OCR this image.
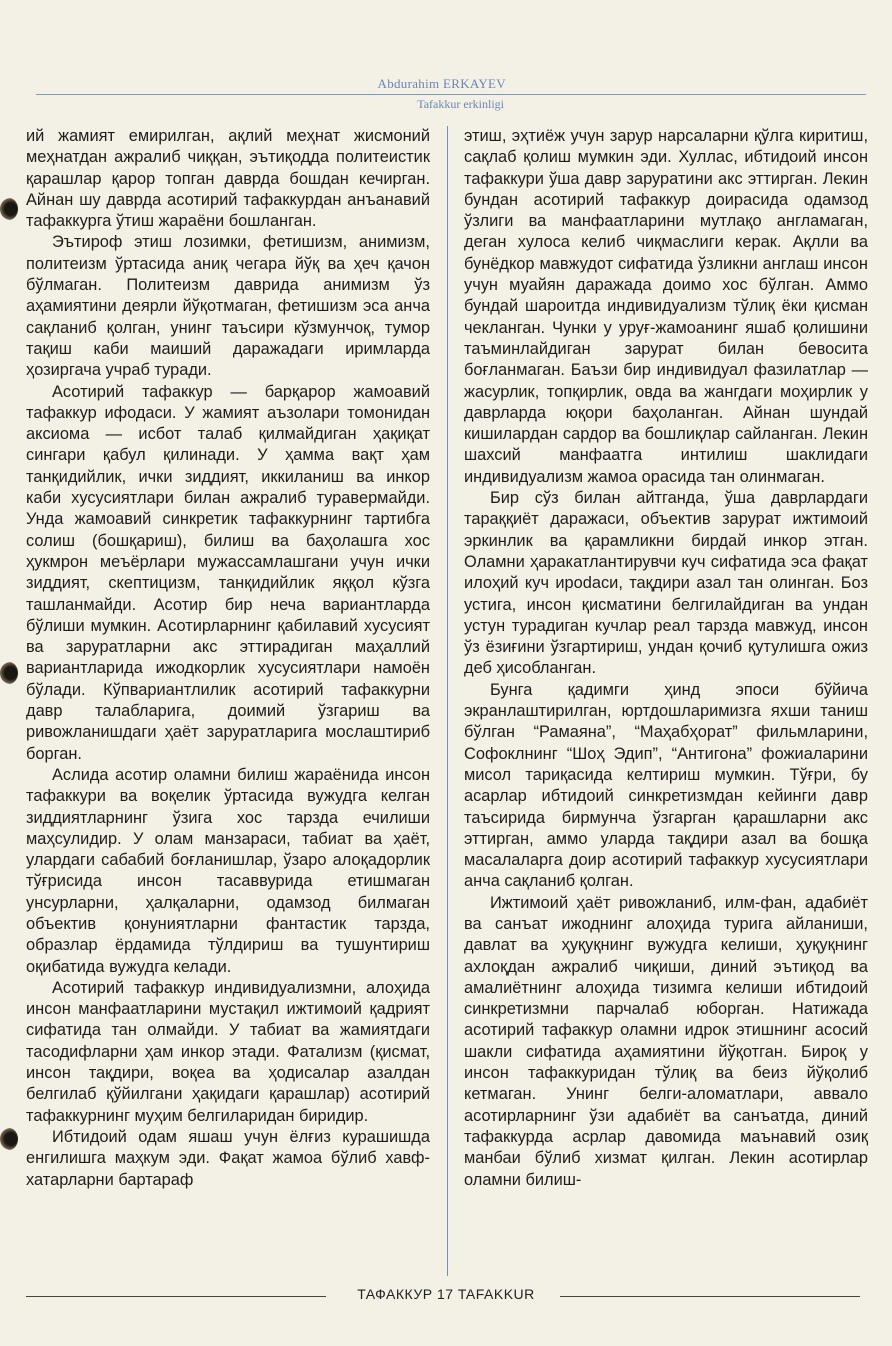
Abdurahim ERKAYEV
Tafakkur erkinligi

ий жамият емирилган, ақлий меҳнат жисмоний меҳнатдан ажралиб чиққан, эътиқодда политеистик қарашлар қарор топган даврда бошдан кечирган. Айнан шу даврда асотирий тафаккурдан анъанавий тафаккурга ўтиш жараёни бошланган.

Эътироф этиш лозимки, фетишизм, анимизм, политеизм ўртасида аниқ чегара йўқ ва ҳеч қачон бўлмаган. Политеизм даврида анимизм ўз аҳамиятини деярли йўқотмаган, фетишизм эса анча сақланиб қолган, унинг таъсири кўзмунчоқ, тумор тақиш каби маиший даражадаги иримларда ҳозиргача учраб туради.

Асотирий тафаккур — барқарор жамоавий тафаккур ифодаси. У жамият аъзолари томонидан аксиома — исбот талаб қилмайдиган ҳақиқат сингари қабул қилинади. У ҳамма вақт ҳам танқидийлик, ички зиддият, иккиланиш ва инкор каби хусусиятлари билан ажралиб туравермайди. Унда жамоавий синкретик тафаккурнинг тартибга солиш (бошқариш), билиш ва баҳолашга хос ҳукмрон меъёрлари мужассамлашгани учун ички зиддият, скептицизм, танқидийлик яққол кўзга ташланмайди. Асотир бир неча вариантларда бўлиши мумкин. Асотирларнинг қабилавий хусусият ва заруратларни акс эттирадиган маҳаллий вариантларида ижодкорлик хусусиятлари намоён бўлади. Кўпвариантлилик асотирий тафаккурни давр талабларига, доимий ўзгариш ва ривожланишдаги ҳаёт заруратларига мослаштириб борган.

Аслида асотир оламни билиш жараёнида инсон тафаккури ва воқелик ўртасида вужудга келган зиддиятларнинг ўзига хос тарзда ечилиши маҳсулидир. У олам манзараси, табиат ва ҳаёт, улардаги сабабий боғланишлар, ўзаро алоқадорлик тўғрисида инсон тасаввурида етишмаган унсурларни, ҳалқаларни, одамзод билмаган объектив қонуниятларни фантастик тарзда, образлар ёрдамида тўлдириш ва тушунтириш оқибатида вужудга келади.

Асотирий тафаккур индивидуализмни, алоҳида инсон манфаатларини мустақил ижтимоий қадрият сифатида тан олмайди. У табиат ва жамиятдаги тасодифларни ҳам инкор этади. Фатализм (қисмат, инсон тақдири, воқеа ва ҳодисалар азалдан белгилаб қўйилгани ҳақидаги қарашлар) асотирий тафаккурнинг муҳим белгиларидан биридир.

Ибтидоий одам яшаш учун ёлғиз курашишда енгилишга маҳкум эди. Фақат жамоа бўлиб хавф-хатарларни бартараф

этиш, эҳтиёж учун зарур нарсаларни қўлга киритиш, сақлаб қолиш мумкин эди. Хуллас, ибтидоий инсон тафаккури ўша давр заруратини акс эттирган. Лекин бундан асотирий тафаккур доирасида одамзод ўзлиги ва манфаатларини мутлақо англамаган, деган хулоса келиб чиқмаслиги керак. Ақлли ва бунёдкор мавжудот сифатида ўзликни англаш инсон учун муайян даражада доимо хос бўлган. Аммо бундай шароитда индивидуализм тўлиқ ёки қисман чекланган. Чунки у уруғ-жамоанинг яшаб қолишини таъминлайдиган зарурат билан бевосита боғланмаган. Баъзи бир индивидуал фазилатлар — жасурлик, топқирлик, овда ва жангдаги моҳирлик у даврларда юқори баҳоланган. Айнан шундай кишилардан сардор ва бошлиқлар сайланган. Лекин шахсий манфаатга интилиш шаклидаги индивидуализм жамоа орасида тан олинмаган.

Бир сўз билан айтганда, ўша даврлардаги тараққиёт даражаси, объектив зарурат ижтимоий эркинлик ва қарамликни бирдай инкор этган. Оламни ҳаракатлантирувчи куч сифатида эса фақат илоҳий куч ироdаси, тақдири азал тан олинган. Боз устига, инсон қисматини белгилайдиган ва ундан устун турадиган кучлар реал тарзда мавжуд, инсон ўз ёзиғини ўзгартириш, ундан қочиб қутулишга ожиз деб ҳисобланган.

Бунга қадимги ҳинд эпоси бўйича экранлаштирилган, юртдошларимизга яхши таниш бўлган “Рамаяна”, “Маҳабҳорат” фильмларини, Софоклнинг “Шоҳ Эдип”, “Антигона” фожиаларини мисол тариқасида келтириш мумкин. Тўғри, бу асарлар ибтидоий синкретизмдан кейинги давр таъсирида бирмунча ўзгарган қарашларни акс эттирган, аммо уларда тақдири азал ва бошқа масалаларга доир асотирий тафаккур хусусиятлари анча сақланиб қолган.

Ижтимоий ҳаёт ривожланиб, илм-фан, адабиёт ва санъат ижоднинг алоҳида турига айланиши, давлат ва ҳуқуқнинг вужудга келиши, ҳуқуқнинг ахлоқдан ажралиб чиқиши, диний эътиқод ва амалиётнинг алоҳида тизимга келиши ибтидоий синкретизмни парчалаб юборган. Натижада асотирий тафаккур оламни идрок этишнинг асосий шакли сифатида аҳамиятини йўқотган. Бироқ у инсон тафаккуридан тўлиқ ва беиз йўқолиб кетмаган. Унинг белги-аломатлари, аввало асотирларнинг ўзи адабиёт ва санъатда, диний тафаккурда асрлар давомида маънавий озиқ манбаи бўлиб хизмат қилган. Лекин асотирлар оламни билиш-

ТАФАККУР 17 TAFAKKUR
